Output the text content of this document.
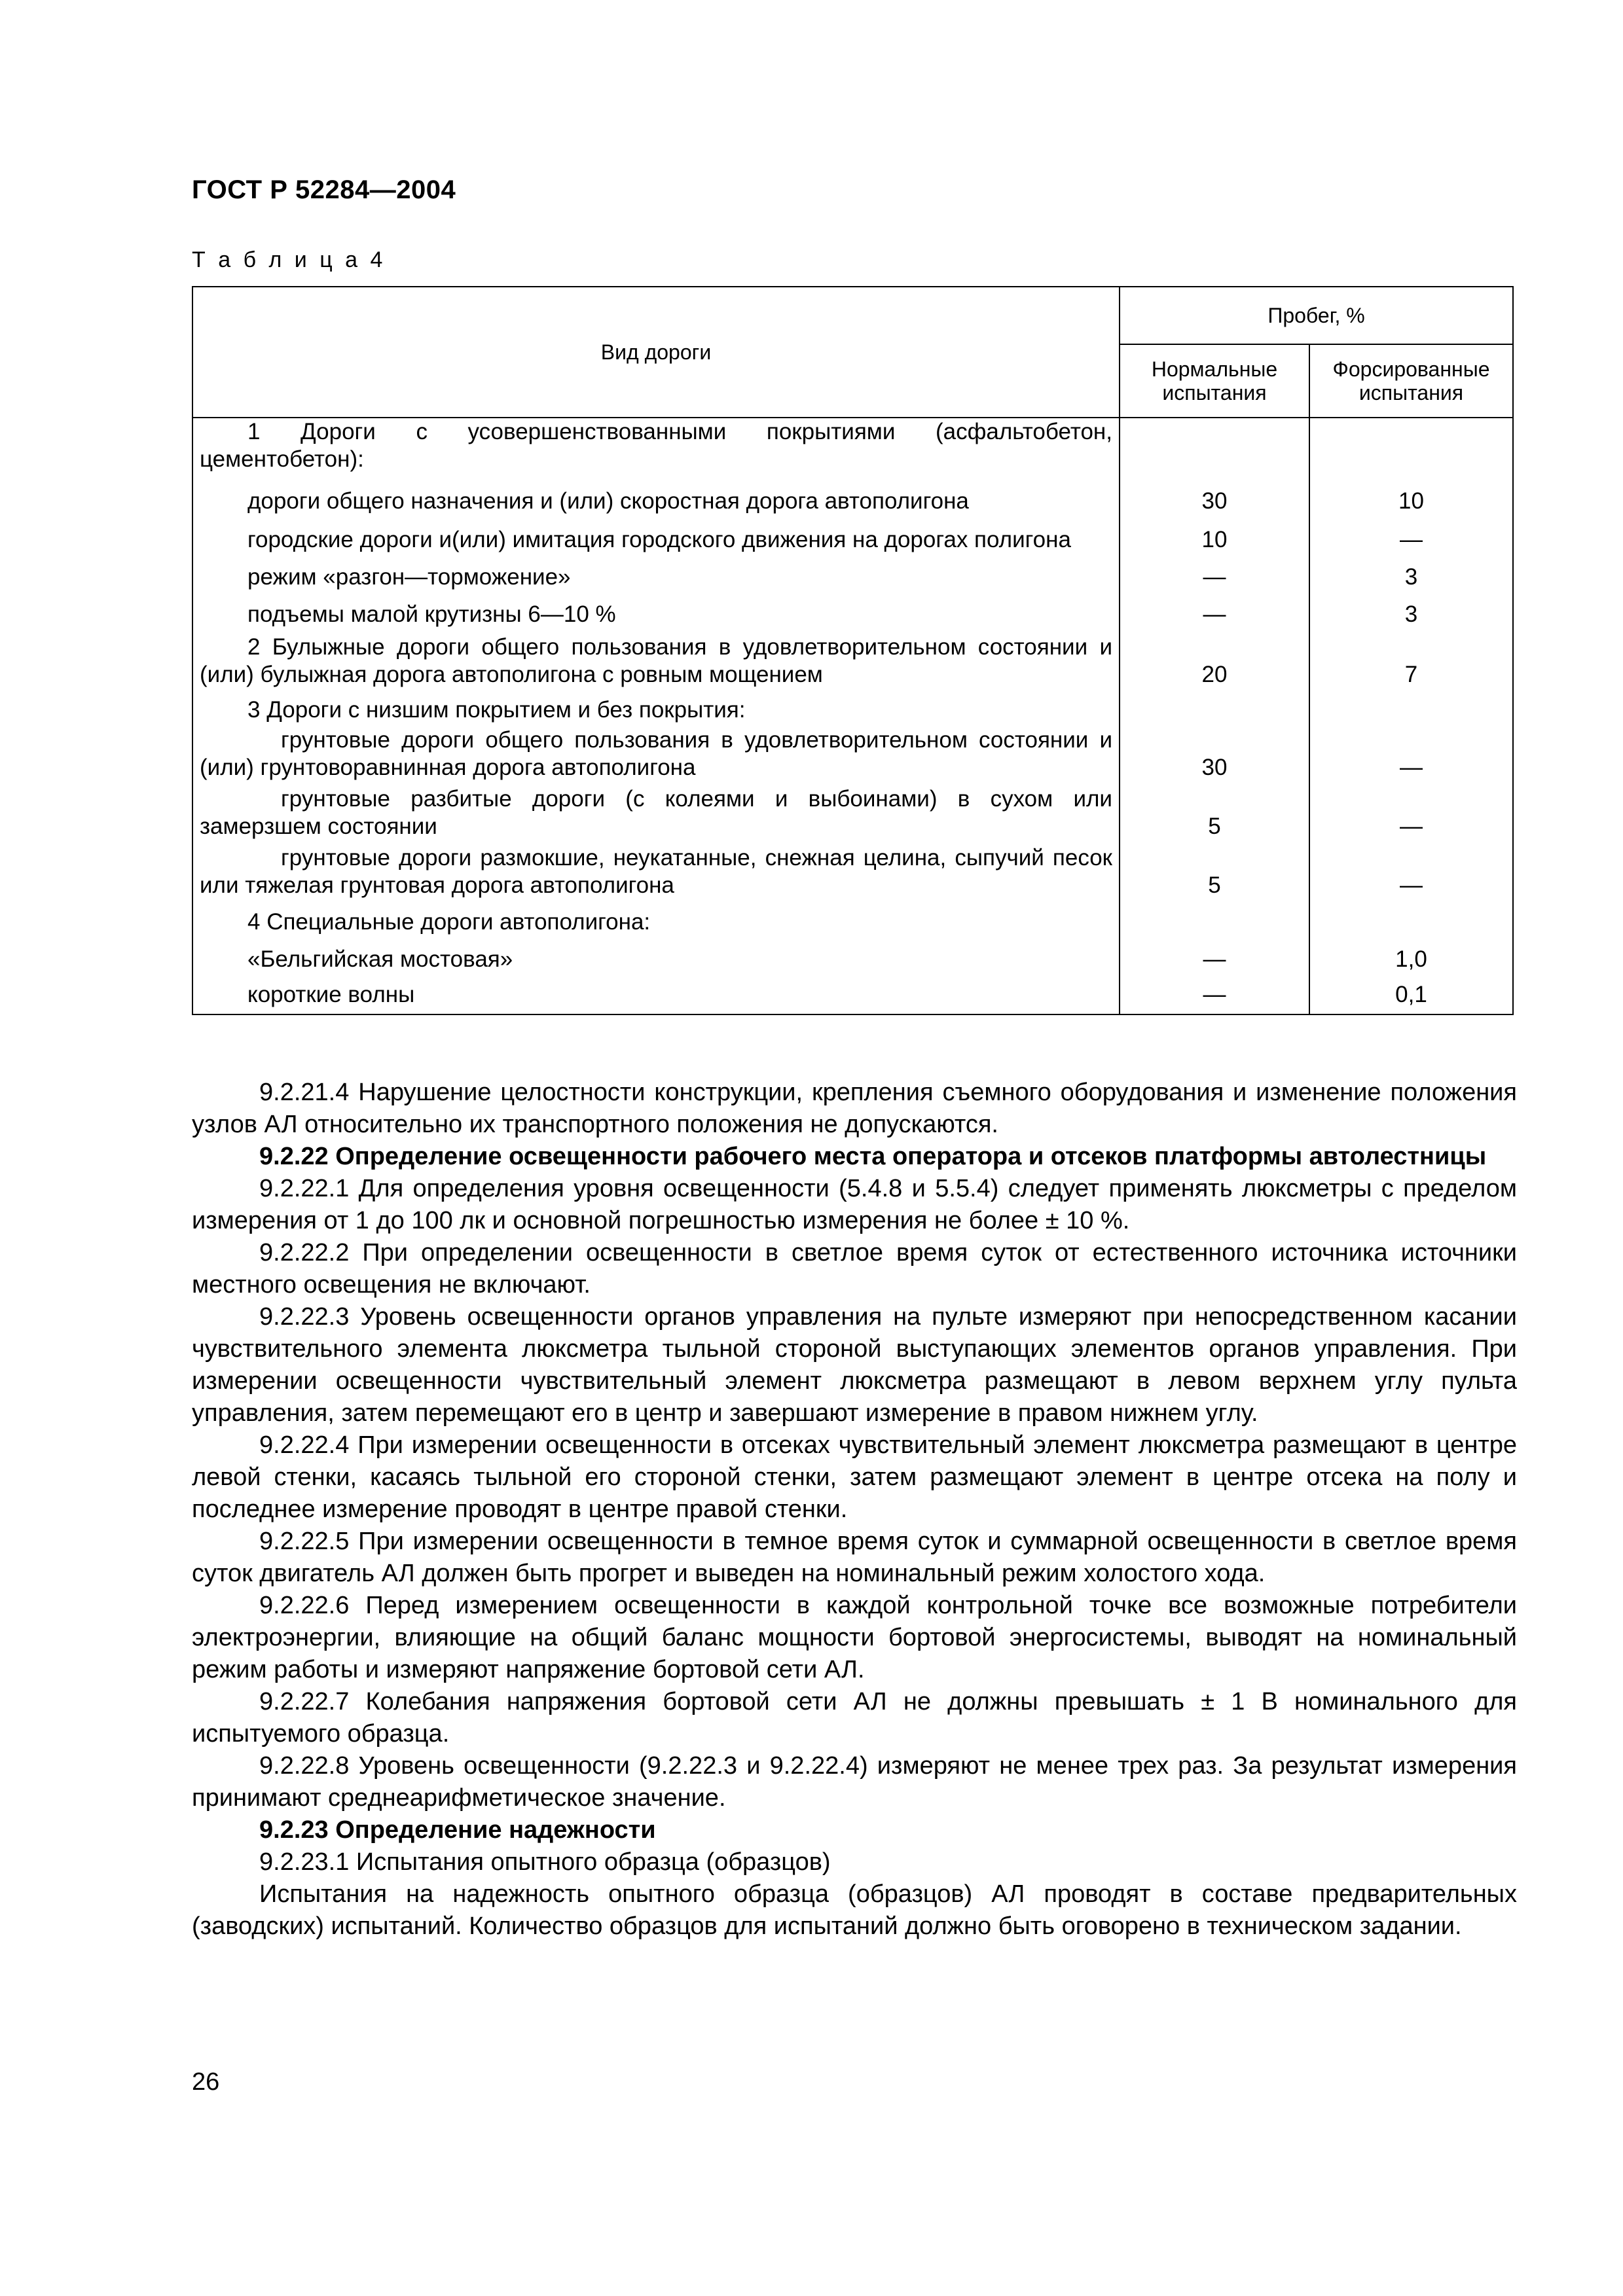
ГОСТ Р 52284—2004
Т а б л и ц а 4
Вид дороги	Пробег, %	
	Нормальные испытания	Форсированные испытания
1 Дороги с усовершенствованными покрытиями (асфальтобетон, цементобетон):		
дороги общего назначения и (или) скоростная дорога автополигона	30	10
городские дороги и(или) имитация городского движения на дорогах полигона	10	—
режим «разгон—торможение»	—	3
подъемы малой крутизны 6—10 %	—	3
2 Булыжные дороги общего пользования в удовлетворительном состоянии и (или) булыжная дорога автополигона с ровным мощением	20	7
3 Дороги с низшим покрытием и без покрытия:		
грунтовые дороги общего пользования в удовлетворительном состоянии и (или) грунтоворавнинная дорога автополигона	30	—
грунтовые разбитые дороги (с колеями и выбоинами) в сухом или замерзшем состоянии	5	—
грунтовые дороги размокшие, неукатанные, снежная целина, сыпучий песок или тяжелая грунтовая дорога автополигона	5	—
4 Специальные дороги автополигона:		
«Бельгийская мостовая»	—	1,0
короткие волны	—	0,1

9.2.21.4 Нарушение целостности конструкции, крепления съемного оборудования и изменение положения узлов АЛ относительно их транспортного положения не допускаются.

9.2.22 Определение освещенности рабочего места оператора и отсеков платформы автолестницы

9.2.22.1 Для определения уровня освещенности (5.4.8 и 5.5.4) следует применять люксметры с пределом измерения от 1 до 100 лк и основной погрешностью измерения не более ± 10 %.

9.2.22.2 При определении освещенности в светлое время суток от естественного источника источники местного освещения не включают.

9.2.22.3 Уровень освещенности органов управления на пульте измеряют при непосредственном касании чувствительного элемента люксметра тыльной стороной выступающих элементов органов управления. При измерении освещенности чувствительный элемент люксметра размещают в левом верхнем углу пульта управления, затем перемещают его в центр и завершают измерение в правом нижнем углу.

9.2.22.4 При измерении освещенности в отсеках чувствительный элемент люксметра размещают в центре левой стенки, касаясь тыльной его стороной стенки, затем размещают элемент в центре отсека на полу и последнее измерение проводят в центре правой стенки.

9.2.22.5 При измерении освещенности в темное время суток и суммарной освещенности в светлое время суток двигатель АЛ должен быть прогрет и выведен на номинальный режим холостого хода.

9.2.22.6 Перед измерением освещенности в каждой контрольной точке все возможные потребители электроэнергии, влияющие на общий баланс мощности бортовой энергосистемы, выводят на номинальный режим работы и измеряют напряжение бортовой сети АЛ.

9.2.22.7 Колебания напряжения бортовой сети АЛ не должны превышать ± 1 В номинального для испытуемого образца.

9.2.22.8 Уровень освещенности (9.2.22.3 и 9.2.22.4) измеряют не менее трех раз. За результат измерения принимают среднеарифметическое значение.

9.2.23 Определение надежности

9.2.23.1 Испытания опытного образца (образцов)

Испытания на надежность опытного образца (образцов) АЛ проводят в составе предварительных (заводских) испытаний. Количество образцов для испытаний должно быть оговорено в техническом задании.

26
